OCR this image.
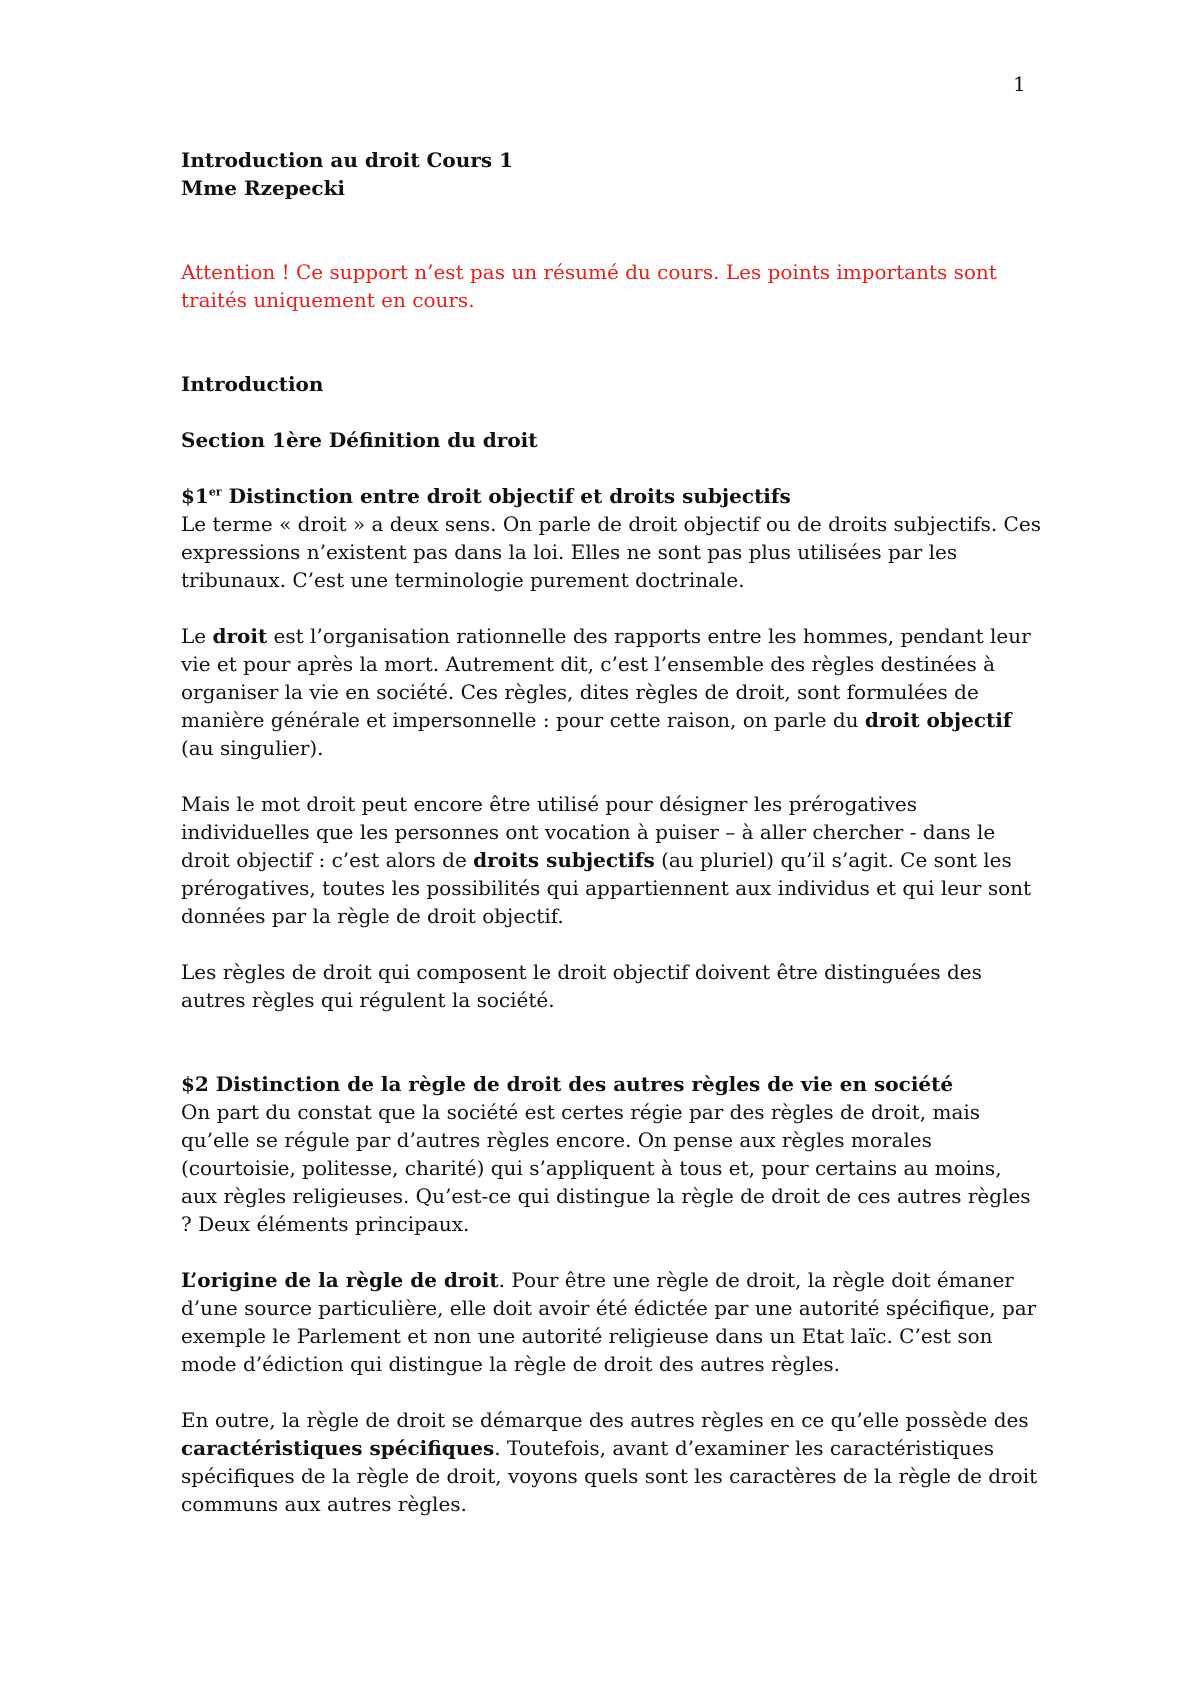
1

Introduction au droit Cours 1

Mme Rzepecki

Attention ! Ce support n’est pas un résumé du cours. Les points importants sont traités uniquement en cours.

Introduction

Section 1ère Définition du droit

$1er Distinction entre droit objectif et droits subjectifs

Le terme « droit » a deux sens. On parle de droit objectif ou de droits subjectifs. Ces expressions n’existent pas dans la loi. Elles ne sont pas plus utilisées par les tribunaux. C’est une terminologie purement doctrinale.

Le droit est l’organisation rationnelle des rapports entre les hommes, pendant leur vie et pour après la mort. Autrement dit, c’est l’ensemble des règles destinées à organiser la vie en société. Ces règles, dites règles de droit, sont formulées de manière générale et impersonnelle : pour cette raison, on parle du droit objectif (au singulier).

Mais le mot droit peut encore être utilisé pour désigner les prérogatives individuelles que les personnes ont vocation à puiser – à aller chercher - dans le droit objectif : c’est alors de droits subjectifs (au pluriel) qu’il s’agit. Ce sont les prérogatives, toutes les possibilités qui appartiennent aux individus et qui leur sont données par la règle de droit objectif.

Les règles de droit qui composent le droit objectif doivent être distinguées des autres règles qui régulent la société.

$2 Distinction de la règle de droit des autres règles de vie en société

On part du constat que la société est certes régie par des règles de droit, mais qu’elle se régule par d’autres règles encore. On pense aux règles morales (courtoisie, politesse, charité) qui s’appliquent à tous et, pour certains au moins, aux règles religieuses. Qu’est-ce qui distingue la règle de droit de ces autres règles ? Deux éléments principaux.

L’origine de la règle de droit. Pour être une règle de droit, la règle doit émaner d’une source particulière, elle doit avoir été édictée par une autorité spécifique, par exemple le Parlement et non une autorité religieuse dans un Etat laïc. C’est son mode d’édiction qui distingue la règle de droit des autres règles.

En outre, la règle de droit se démarque des autres règles en ce qu’elle possède des caractéristiques spécifiques. Toutefois, avant d’examiner les caractéristiques spécifiques de la règle de droit, voyons quels sont les caractères de la règle de droit communs aux autres règles.
